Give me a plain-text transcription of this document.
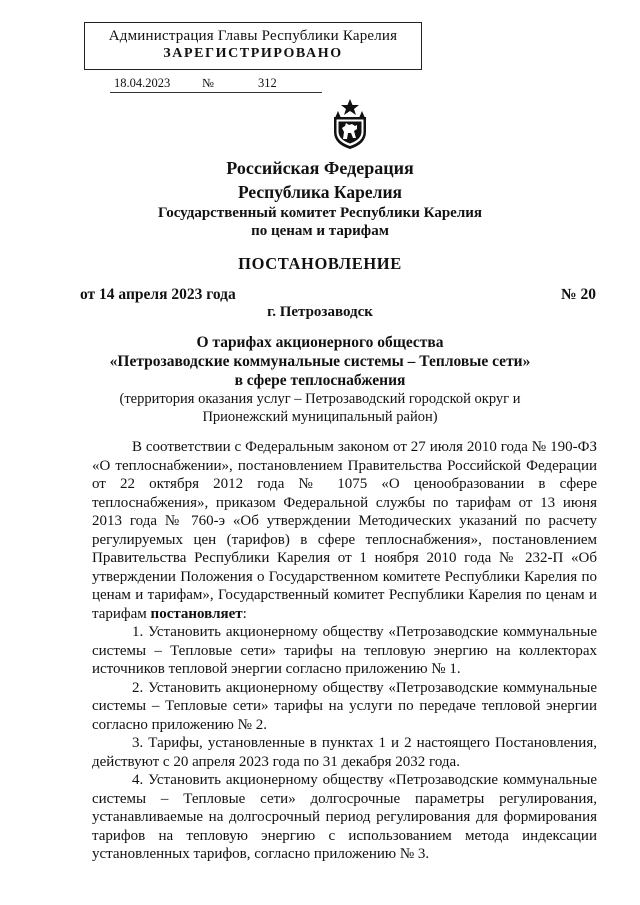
Администрация Главы Республики Карелия
ЗАРЕГИСТРИРОВАНО
18.04.2023	№	312
Российская Федерация
Республика Карелия
Государственный комитет Республики Карелия
по ценам и тарифам
ПОСТАНОВЛЕНИЕ
от 14 апреля 2023 года	№ 20
г. Петрозаводск
О тарифах акционерного общества
«Петрозаводские коммунальные системы – Тепловые сети»
в сфере теплоснабжения
(территория оказания услуг – Петрозаводский городской округ и
Прионежский муниципальный район)

В соответствии с Федеральным законом от 27 июля 2010 года № 190-ФЗ «О теплоснабжении», постановлением Правительства Российской Федерации от 22 октября 2012 года № 1075 «О ценообразовании в сфере теплоснабжения», приказом Федеральной службы по тарифам от 13 июня 2013 года № 760-э «Об утверждении Методических указаний по расчету регулируемых цен (тарифов) в сфере теплоснабжения», постановлением Правительства Республики Карелия от 1 ноября 2010 года № 232-П «Об утверждении Положения о Государственном комитете Республики Карелия по ценам и тарифам», Государственный комитет Республики Карелия по ценам и тарифам постановляет:

1. Установить акционерному обществу «Петрозаводские коммунальные системы – Тепловые сети» тарифы на тепловую энергию на коллекторах источников тепловой энергии согласно приложению № 1.

2. Установить акционерному обществу «Петрозаводские коммунальные системы – Тепловые сети» тарифы на услуги по передаче тепловой энергии согласно приложению № 2.

3. Тарифы, установленные в пунктах 1 и 2 настоящего Постановления, действуют с 20 апреля 2023 года по 31 декабря 2032 года.

4. Установить акционерному обществу «Петрозаводские коммунальные системы – Тепловые сети» долгосрочные параметры регулирования, устанавливаемые на долгосрочный период регулирования для формирования тарифов на тепловую энергию с использованием метода индексации установленных тарифов, согласно приложению № 3.
